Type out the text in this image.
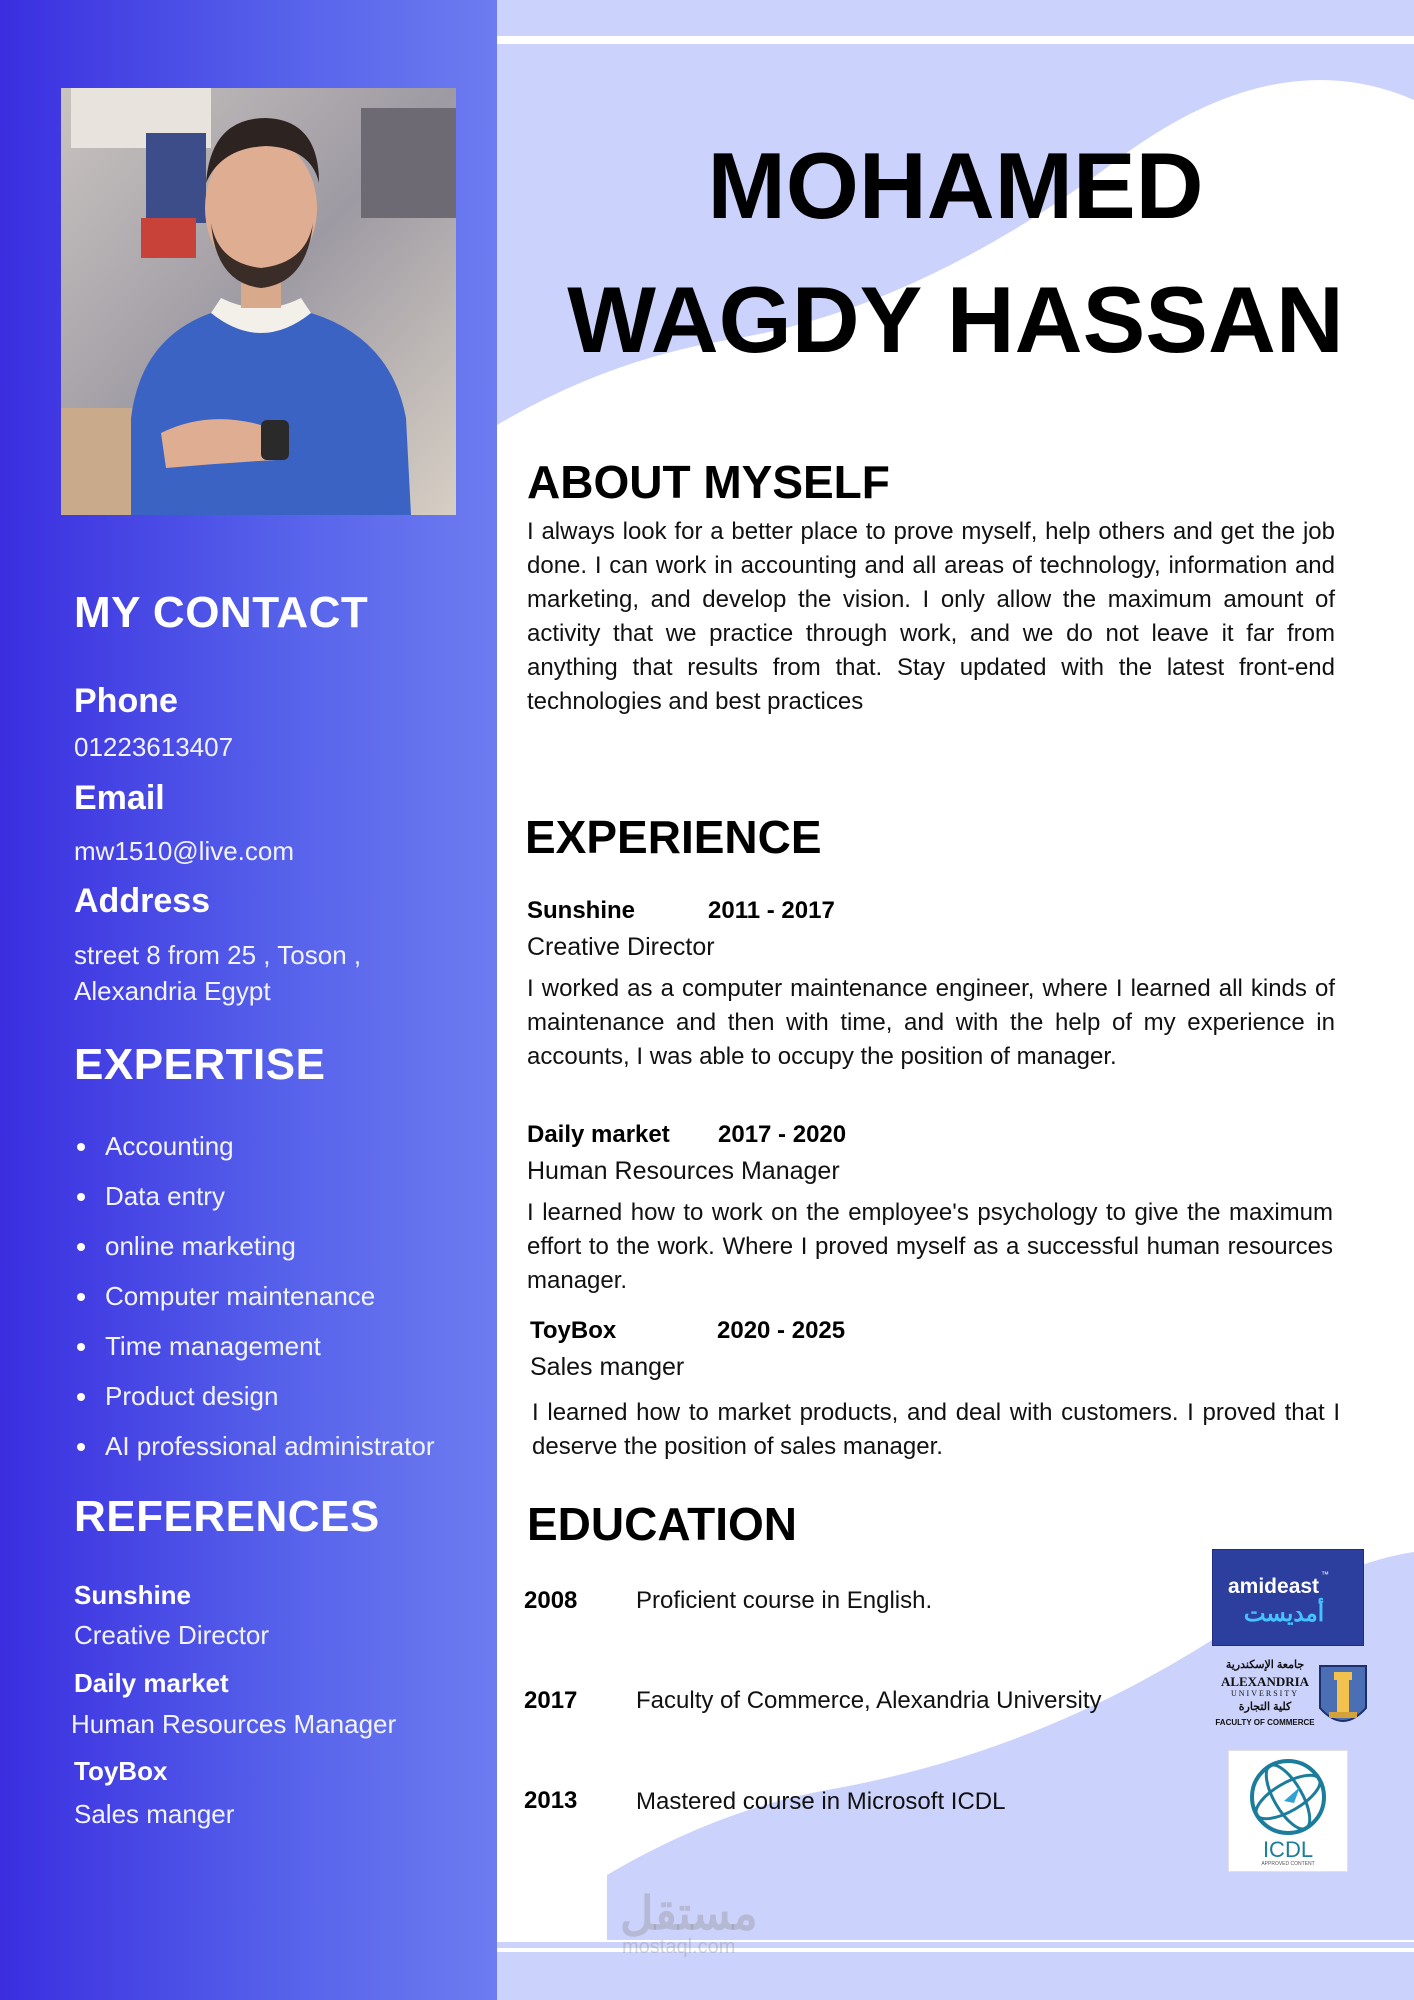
MY CONTACT
Phone
01223613407
Email
mw1510@live.com
Address
street 8 from 25 , Toson ,
Alexandria Egypt
EXPERTISE
Accounting
Data entry
online marketing
Computer maintenance
Time management
Product design
AI professional administrator
REFERENCES
Sunshine
Creative Director
Daily market
Human Resources Manager
ToyBox
Sales manger
MOHAMED
WAGDY HASSAN
ABOUT MYSELF

I always look for a better place to prove myself, help others and get the job done. I can work in accounting and all areas of technology, information and marketing, and develop the vision. I only allow the maximum amount of activity that we practice through work, and we do not leave it far from anything that results from that. Stay updated with the latest front-end technologies and best practices

EXPERIENCE
Sunshine	2011 - 2017
Creative Director

I worked as a computer maintenance engineer, where I learned all kinds of maintenance and then with time, and with the help of my experience in accounts, I was able to occupy the position of manager.

Daily market 2017 - 2020
Human Resources Manager

I learned how to work on the employee's psychology to give the maximum effort to the work. Where I proved myself as a successful human resources manager.

ToyBox	2020 - 2025
Sales manger

I learned how to market products, and deal with customers. I proved that I deserve the position of sales manager.

EDUCATION
2008 Proficient course in English.
2017 Faculty of Commerce, Alexandria University
2013 Mastered course in Microsoft ICDL
amideast
™
أمديست
جامعة الإسكندرية
ALEXANDRIA
UNIVERSITY
كلية التجارة
FACULTY OF COMMERCE
ICDL
APPROVED CONTENT
مستقل
mostaql.com
